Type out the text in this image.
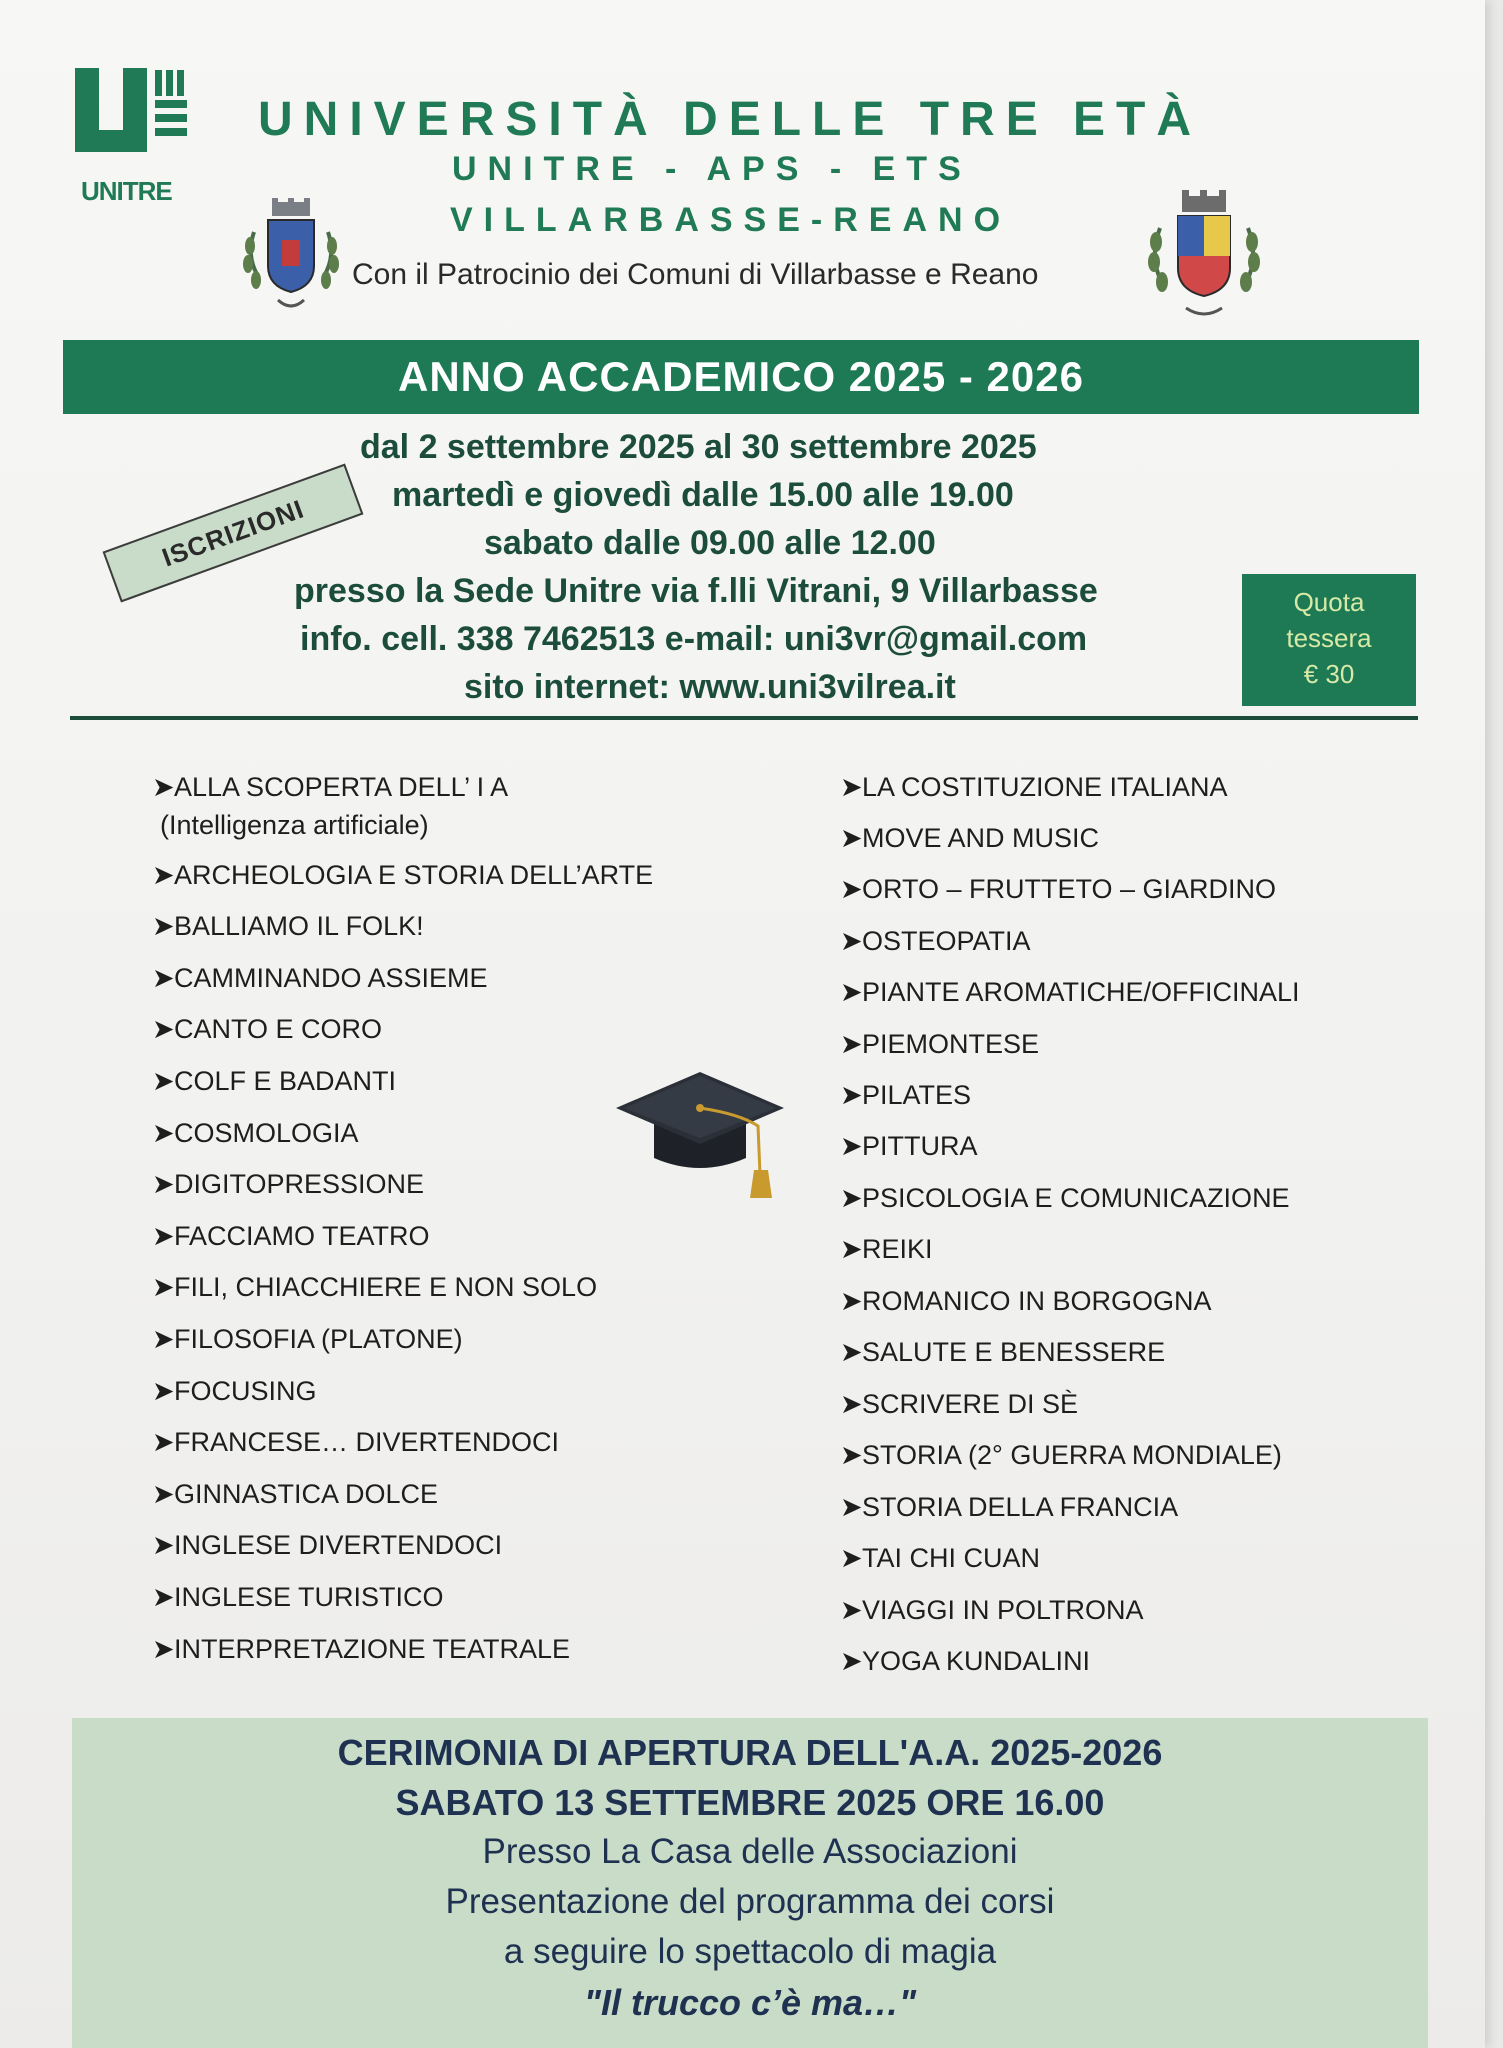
UNITRE
UNIVERSITÀ DELLE TRE ETÀ
UNITRE - APS - ETS
VILLARBASSE-REANO
Con il Patrocinio dei Comuni di Villarbasse e Reano
ANNO ACCADEMICO 2025 - 2026
dal 2 settembre 2025 al 30 settembre 2025
martedì e giovedì dalle 15.00 alle 19.00
sabato dalle 09.00 alle 12.00
presso la Sede Unitre via f.lli Vitrani, 9 Villarbasse
info. cell. 338 7462513 e-mail: uni3vr@gmail.com
sito internet: www.uni3vilrea.it
ISCRIZIONI
Quota
tessera
€ 30
➤ALLA SCOPERTA DELL’ I A
(Intelligenza artificiale)
➤ARCHEOLOGIA E STORIA DELL’ARTE
➤BALLIAMO IL FOLK!
➤CAMMINANDO ASSIEME
➤CANTO E CORO
➤COLF E BADANTI
➤COSMOLOGIA
➤DIGITOPRESSIONE
➤FACCIAMO TEATRO
➤FILI, CHIACCHIERE E NON SOLO
➤FILOSOFIA (PLATONE)
➤FOCUSING
➤FRANCESE… DIVERTENDOCI
➤GINNASTICA DOLCE
➤INGLESE DIVERTENDOCI
➤INGLESE TURISTICO
➤INTERPRETAZIONE TEATRALE
➤LA COSTITUZIONE ITALIANA
➤MOVE AND MUSIC
➤ORTO – FRUTTETO – GIARDINO
➤OSTEOPATIA
➤PIANTE AROMATICHE/OFFICINALI
➤PIEMONTESE
➤PILATES
➤PITTURA
➤PSICOLOGIA E COMUNICAZIONE
➤REIKI
➤ROMANICO IN BORGOGNA
➤SALUTE E BENESSERE
➤SCRIVERE DI SÈ
➤STORIA (2° GUERRA MONDIALE)
➤STORIA DELLA FRANCIA
➤TAI CHI CUAN
➤VIAGGI IN POLTRONA
➤YOGA KUNDALINI
CERIMONIA DI APERTURA DELL'A.A. 2025-2026
SABATO 13 SETTEMBRE 2025 ORE 16.00
Presso La Casa delle Associazioni
Presentazione del programma dei corsi
a seguire lo spettacolo di magia
"Il trucco c’è ma…"
